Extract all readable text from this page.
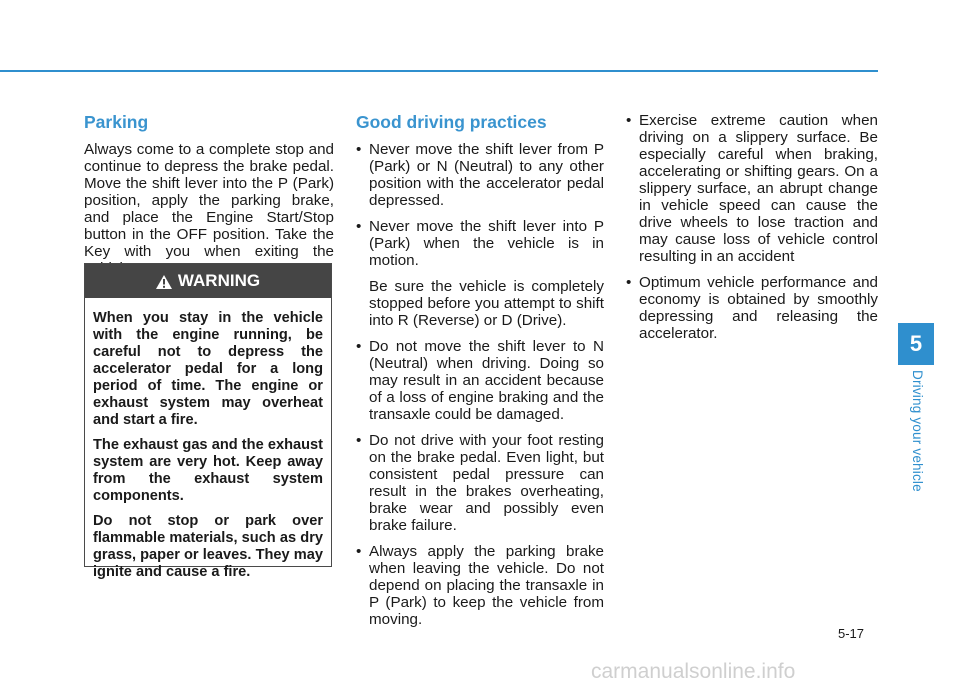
Parking

Always come to a complete stop and continue to depress the brake pedal. Move the shift lever into the P (Park) position, apply the parking brake, and place the Engine Start/Stop button in the OFF position. Take the Key with you when exiting the

WARNING

When you stay in the vehicle with the engine running, be careful not to depress the accelerator pedal for a long period of time. The engine or exhaust system may overheat and start a fire.

The exhaust gas and the exhaust system are very hot. Keep away from the exhaust system components.

Do not stop or park over flammable materials, such as dry grass, paper or leaves. They may ignite and cause a fire.

Good driving practices
• Never move the shift lever from P (Park) or N (Neutral) to any other position with the accelerator pedal depressed.
• Never move the shift lever into P (Park) when the vehicle is in motion.
Be sure the vehicle is completely stopped before you attempt to shift into R (Reverse) or D (Drive).
• Do not move the shift lever to N (Neutral) when driving. Doing so may result in an accident because of a loss of engine braking and the transaxle could be damaged.
• Do not drive with your foot resting on the brake pedal. Even light, but consistent pedal pressure can result in the brakes overheating, brake wear and possibly even brake failure.
• Always apply the parking brake when leaving the vehicle. Do not depend on placing the transaxle in P (Park) to keep the vehicle from moving.
• Exercise extreme caution when driving on a slippery surface. Be especially careful when braking, accelerating or shifting gears. On a slippery surface, an abrupt change in vehicle speed can cause the drive wheels to lose traction and may cause loss of vehicle control resulting in an accident
• Optimum vehicle performance and economy is obtained by smoothly depressing and releasing the accelerator.	5
Driving your vehicle
5-17
carmanualsonline.info
